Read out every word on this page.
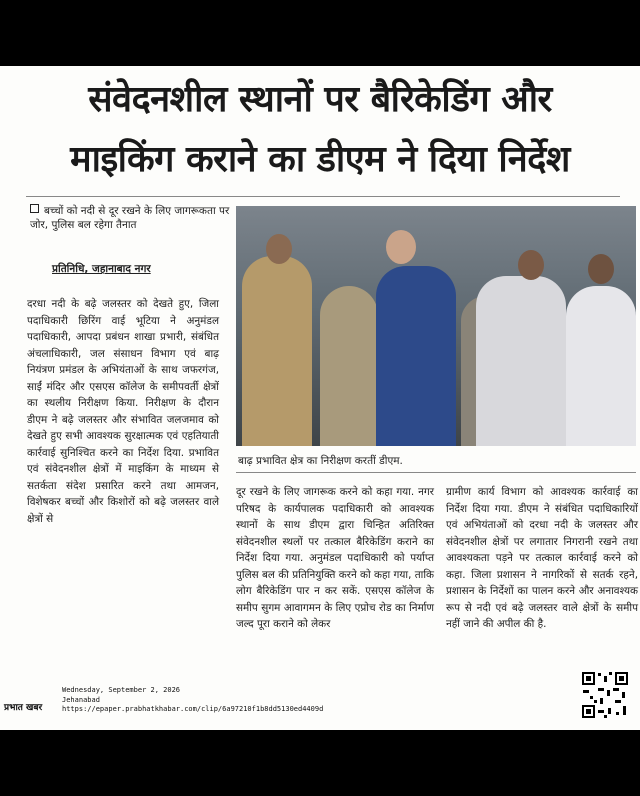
संवेदनशील स्थानों पर बैरिकेडिंग और
माइकिंग कराने का डीएम ने दिया निर्देश
बच्चों को नदी से दूर रखने के लिए जागरूकता पर जोर, पुलिस बल रहेगा तैनात
प्रतिनिधि, जहानाबाद नगर
बाढ़ प्रभावित क्षेत्र का निरीक्षण करतीं डीएम.
दरधा नदी के बढ़े जलस्तर को देखते हुए, जिला पदाधिकारी छिरिंग वाई भूटिया ने अनुमंडल पदाधिकारी, आपदा प्रबंधन शाखा प्रभारी, संबंधित अंचलाधिकारी, जल संसाधन विभाग एवं बाढ़ नियंत्रण प्रमंडल के अभियंताओं के साथ जफरगंज, साईं मंदिर और एसएस कॉलेज के समीपवर्ती क्षेत्रों का स्थलीय निरीक्षण किया. निरीक्षण के दौरान डीएम ने बढ़े जलस्तर और संभावित जलजमाव को देखते हुए सभी आवश्यक सुरक्षात्मक एवं एहतियाती कार्रवाई सुनिश्चित करने का निर्देश दिया. प्रभावित एवं संवेदनशील क्षेत्रों में माइकिंग के माध्यम से सतर्कता संदेश प्रसारित करने तथा आमजन, विशेषकर बच्चों और किशोरों को बढ़े जलस्तर वाले क्षेत्रों से
दूर रखने के लिए जागरूक करने को कहा गया. नगर परिषद के कार्यपालक पदाधिकारी को आवश्यक स्थानों के साथ डीएम द्वारा चिन्हित अतिरिक्त संवेदनशील स्थलों पर तत्काल बैरिकेडिंग कराने का निर्देश दिया गया. अनुमंडल पदाधिकारी को पर्याप्त पुलिस बल की प्रतिनियुक्ति करने को कहा गया, ताकि लोग बैरिकेडिंग पार न कर सकें. एसएस कॉलेज के समीप सुगम आवागमन के लिए एप्रोच रोड का निर्माण जल्द पूरा कराने को लेकर
ग्रामीण कार्य विभाग को आवश्यक कार्रवाई का निर्देश दिया गया. डीएम ने संबंधित पदाधिकारियों एवं अभियंताओं को दरधा नदी के जलस्तर और संवेदनशील क्षेत्रों पर लगातार निगरानी रखने तथा आवश्यकता पड़ने पर तत्काल कार्रवाई करने को कहा. जिला प्रशासन ने नागरिकों से सतर्क रहने, प्रशासन के निर्देशों का पालन करने और अनावश्यक रूप से नदी एवं बढ़े जलस्तर वाले क्षेत्रों के समीप नहीं जाने की अपील की है.
Wednesday, September 2, 2026
Jehanabad
https://epaper.prabhatkhabar.com/clip/6a97210f1b8dd5130ed4409d
प्रभात खबर
